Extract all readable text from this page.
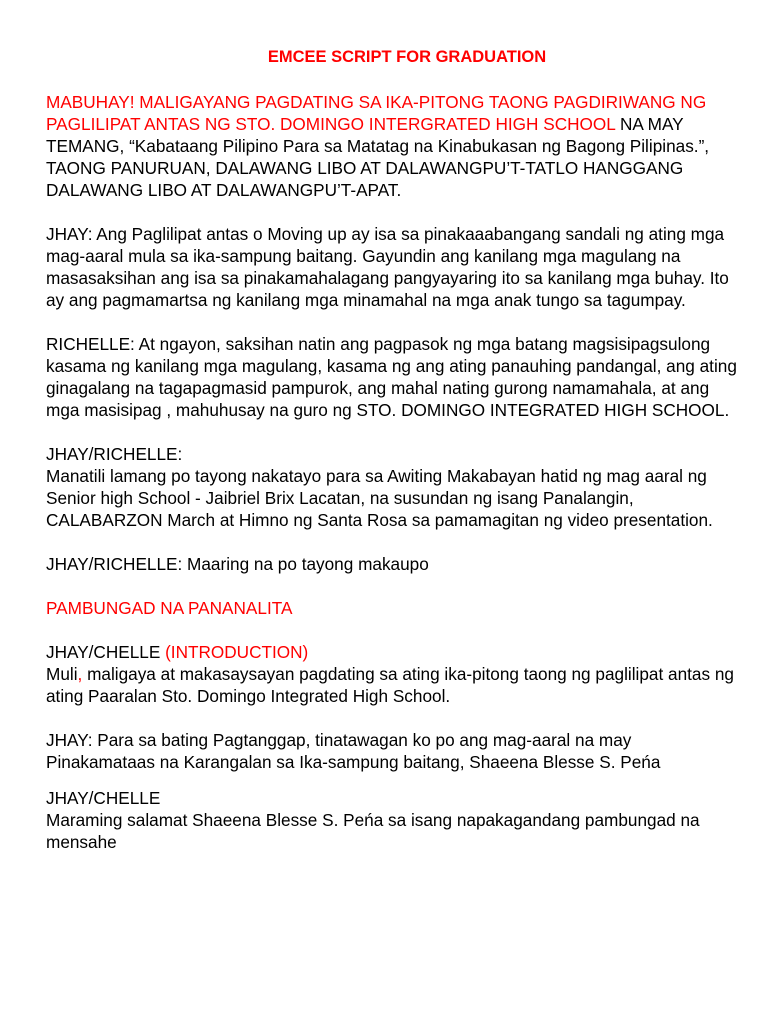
EMCEE SCRIPT FOR GRADUATION

MABUHAY! MALIGAYANG PAGDATING SA IKA-PITONG TAONG PAGDIRIWANG NG PAGLILIPAT ANTAS NG STO. DOMINGO INTERGRATED HIGH SCHOOL NA MAY TEMANG, “Kabataang Pilipino Para sa Matatag na Kinabukasan ng Bagong Pilipinas.”, TAONG PANURUAN, DALAWANG LIBO AT DALAWANGPU’T-TATLO HANGGANG DALAWANG LIBO AT DALAWANGPU’T-APAT.

JHAY: Ang Paglilipat antas o Moving up ay isa sa pinakaaabangang sandali ng ating mga mag-aaral mula sa ika-sampung baitang. Gayundin ang kanilang mga magulang na masasaksihan ang isa sa pinakamahalagang pangyayaring ito sa kanilang mga buhay. Ito ay ang pagmamartsa ng kanilang mga minamahal na mga anak tungo sa tagumpay.

RICHELLE: At ngayon, saksihan natin ang pagpasok ng mga batang magsisipagsulong kasama ng kanilang mga magulang, kasama ng ang ating panauhing pandangal, ang ating ginagalang na tagapagmasid pampurok, ang mahal nating gurong namamahala, at ang mga masisipag , mahuhusay na guro ng STO. DOMINGO INTEGRATED HIGH SCHOOL.

JHAY/RICHELLE:
Manatili lamang po tayong nakatayo para sa Awiting Makabayan hatid ng mag aaral ng Senior high School - Jaibriel Brix Lacatan, na susundan ng isang Panalangin, CALABARZON March at Himno ng Santa Rosa sa pamamagitan ng video presentation.

JHAY/RICHELLE: Maaring na po tayong makaupo

PAMBUNGAD NA PANANALITA

JHAY/CHELLE (INTRODUCTION)
Muli, maligaya at makasaysayan pagdating sa ating ika-pitong taong ng paglilipat antas ng ating Paaralan Sto. Domingo Integrated High School.

JHAY: Para sa bating Pagtanggap, tinatawagan ko po ang mag-aaral na may Pinakamataas na Karangalan sa Ika-sampung baitang, Shaeena Blesse S. Peńa

JHAY/CHELLE
Maraming salamat Shaeena Blesse S. Peńa sa isang napakagandang pambungad na mensahe
